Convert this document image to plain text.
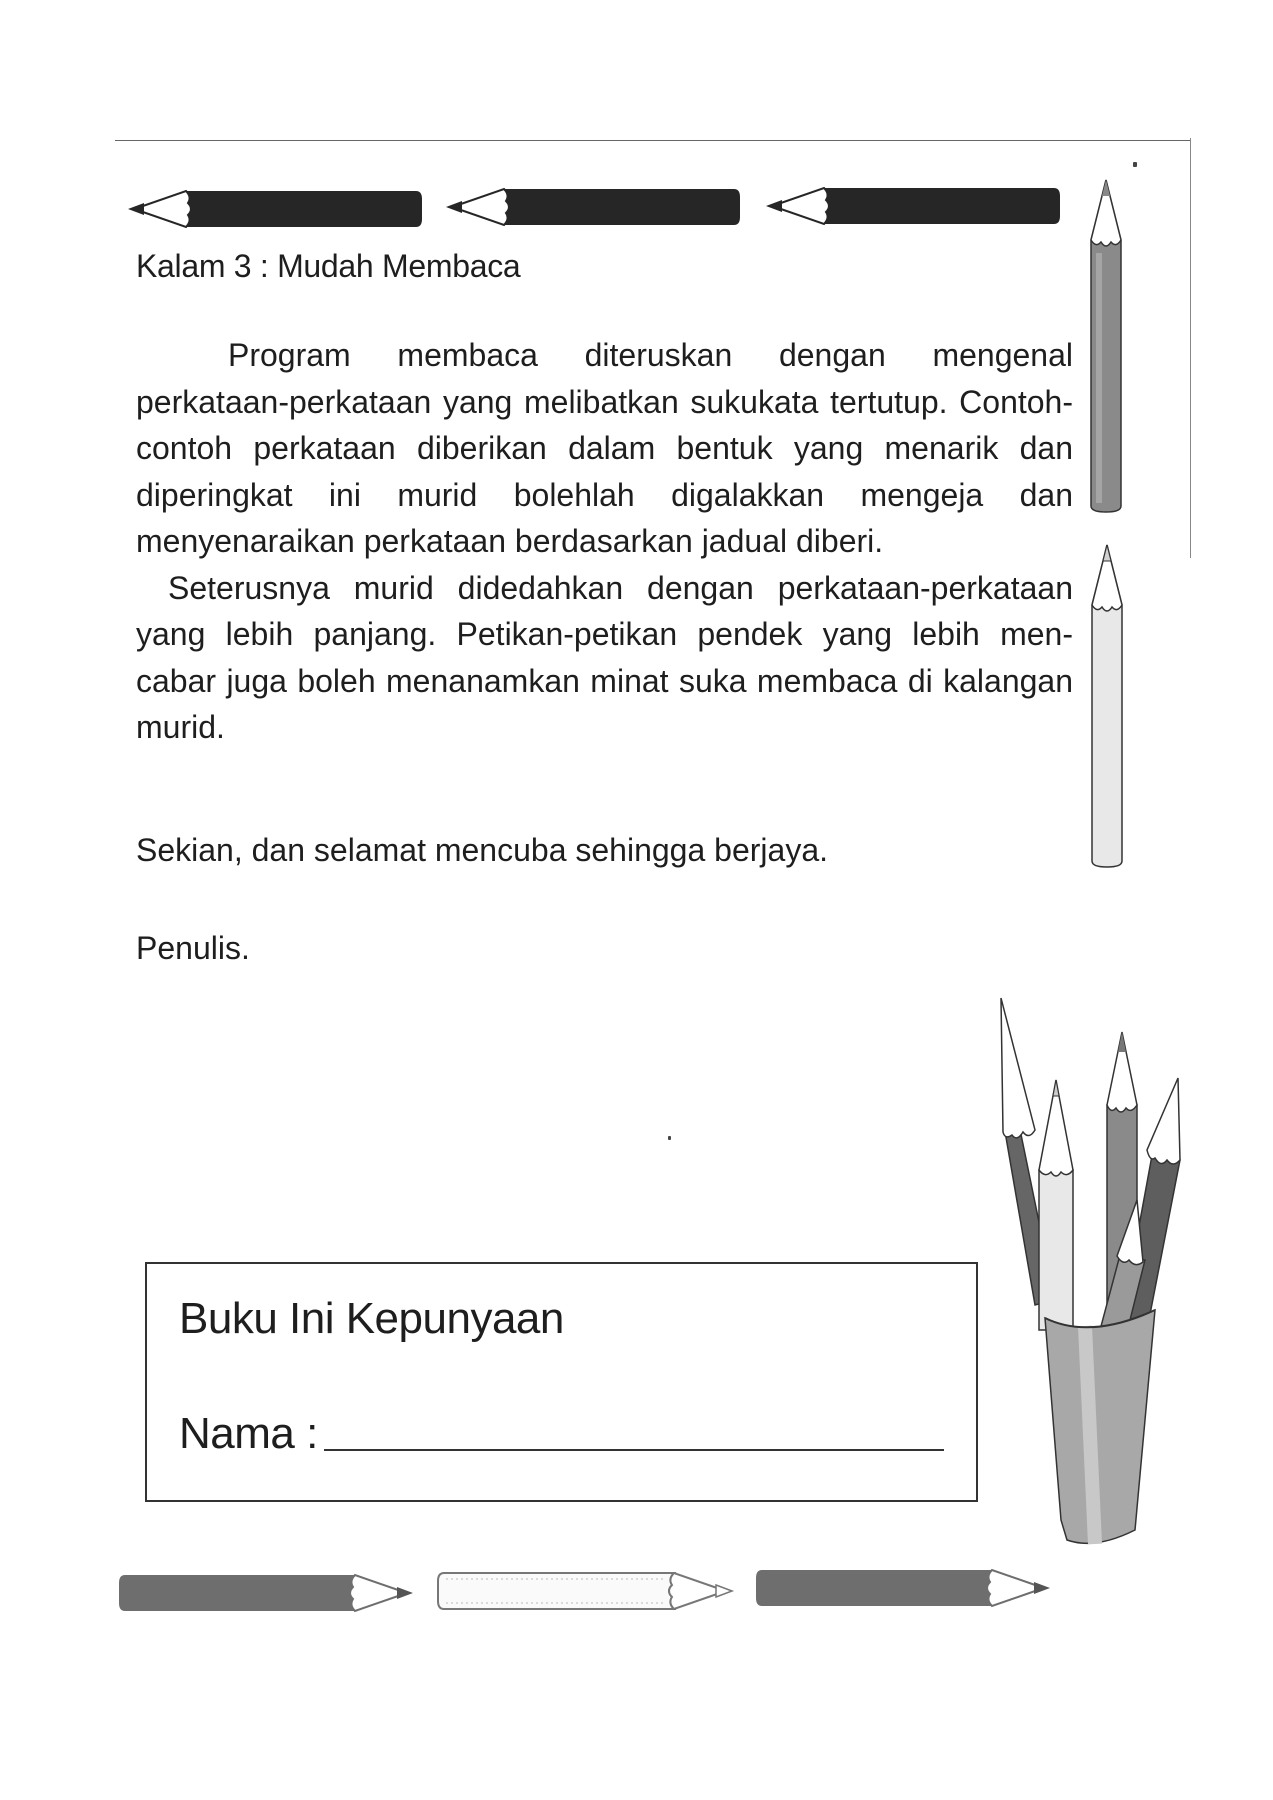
Kalam 3 : Mudah Membaca

Program membaca diteruskan dengan mengenal perkataan-perkataan yang melibatkan sukukata tertutup. Contoh-contoh perkataan diberikan dalam bentuk yang menarik dan diperingkat ini murid bolehlah digalakkan mengeja dan menyenaraikan perkataan berdasarkan jadual diberi.

Seterusnya murid didedahkan dengan perkataan-perkataan yang lebih panjang. Petikan-petikan pendek yang lebih men-cabar juga boleh menanamkan minat suka membaca di kalangan murid.

Sekian, dan selamat mencuba sehingga berjaya.
Penulis.
Buku Ini Kepunyaan
Nama :
